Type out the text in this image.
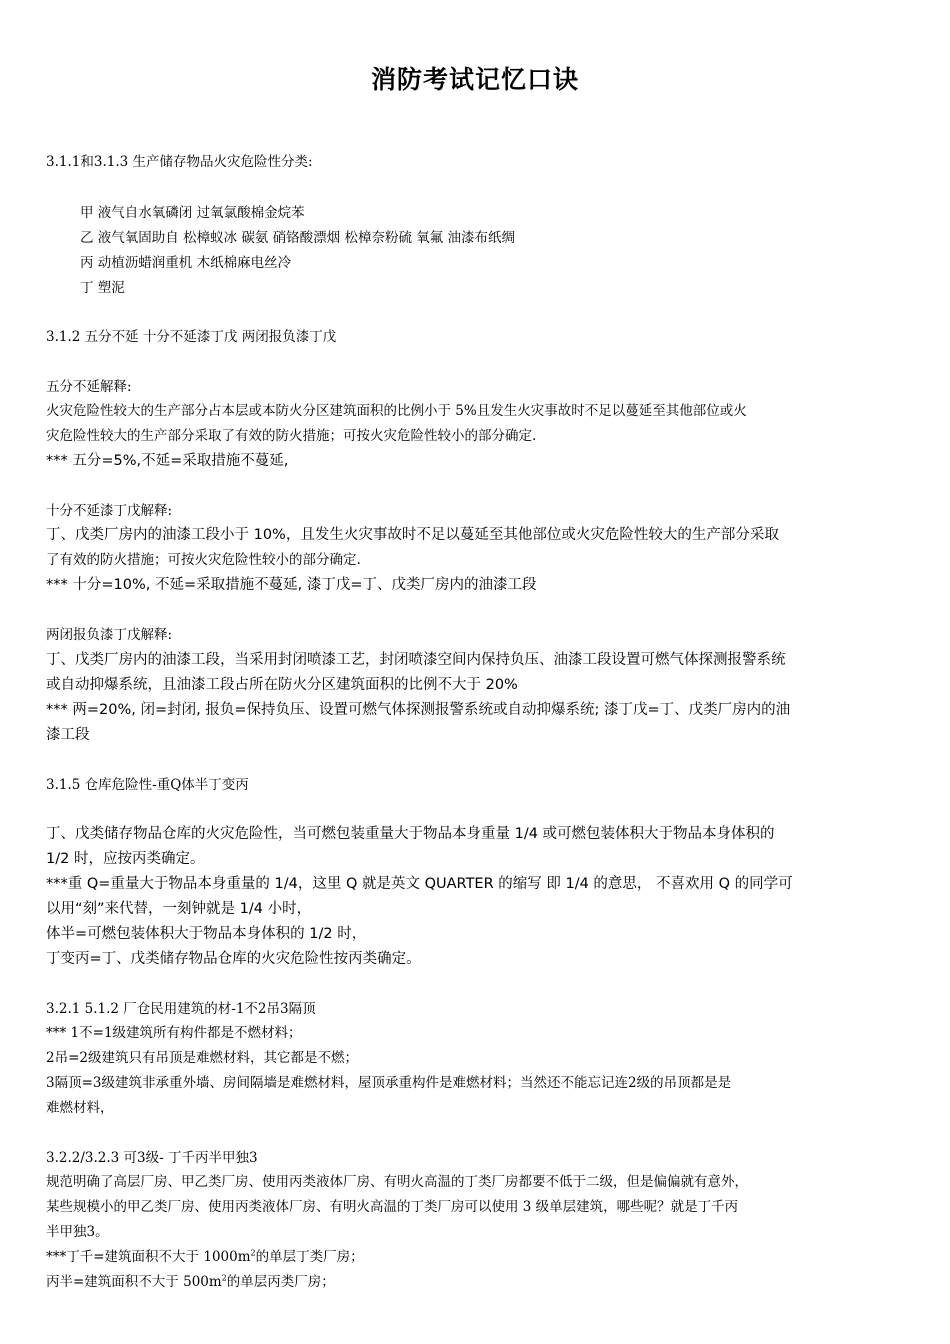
消防考试记忆口诀
3.1.1和3.1.3 生产储存物品火灾危险性分类:
甲 液气自水氧磷闭 过氧氯酸棉金烷苯
乙 液气氧固助自 松樟蚁冰 碳氨 硝铬酸漂烟 松樟奈粉硫 氧氟 油漆布纸绸
丙 动植沥蜡润重机 木纸棉麻电丝冷
丁 塑泥
3.1.2 五分不延 十分不延漆丁戊 两闭报负漆丁戊
五分不延解释:
火灾危险性较大的生产部分占本层或本防火分区建筑面积的比例小于 5%且发生火灾事故时不足以蔓延至其他部位或火
灾危险性较大的生产部分采取了有效的防火措施；可按火灾危险性较小的部分确定.
*** 五分=5%,不延=采取措施不蔓延,
十分不延漆丁戊解释:
丁、戊类厂房内的油漆工段小于 10%，且发生火灾事故时不足以蔓延至其他部位或火灾危险性较大的生产部分采取
了有效的防火措施；可按火灾危险性较小的部分确定.
*** 十分=10%, 不延=采取措施不蔓延, 漆丁戊=丁、戊类厂房内的油漆工段
两闭报负漆丁戊解释:
丁、戊类厂房内的油漆工段，当采用封闭喷漆工艺，封闭喷漆空间内保持负压、油漆工段设置可燃气体探测报警系统
或自动抑爆系统，且油漆工段占所在防火分区建筑面积的比例不大于 20%
*** 两=20%, 闭=封闭, 报负=保持负压、设置可燃气体探测报警系统或自动抑爆系统; 漆丁戊=丁、戊类厂房内的油
漆工段
3.1.5 仓库危险性-重Q体半丁变丙
丁、戊类储存物品仓库的火灾危险性，当可燃包装重量大于物品本身重量 1/4 或可燃包装体积大于物品本身体积的
1/2 时，应按丙类确定。
***重 Q=重量大于物品本身重量的 1/4，这里 Q 就是英文 QUARTER 的缩写 即 1/4 的意思， 不喜欢用 Q 的同学可
以用“刻”来代替，一刻钟就是 1/4 小时，
体半=可燃包装体积大于物品本身体积的 1/2 时，
丁变丙=丁、戊类储存物品仓库的火灾危险性按丙类确定。
3.2.1 5.1.2 厂仓民用建筑的材-1不2吊3隔顶
*** 1不=1级建筑所有构件都是不燃材料；
2吊=2级建筑只有吊顶是难燃材料，其它都是不燃；
3隔顶=3级建筑非承重外墙、房间隔墙是难燃材料，屋顶承重构件是难燃材料；当然还不能忘记连2级的吊顶都是是
难燃材料，
3.2.2/3.2.3 可3级- 丁千丙半甲独3
规范明确了高层厂房、甲乙类厂房、使用丙类液体厂房、有明火高温的丁类厂房都要不低于二级，但是偏偏就有意外，
某些规模小的甲乙类厂房、使用丙类液体厂房、有明火高温的丁类厂房可以使用 3 级单层建筑，哪些呢？就是丁千丙
半甲独3。
***丁千=建筑面积不大于 $1000m^2$的单层丁类厂房；
丙半=建筑面积不大于 $500m^2$的单层丙类厂房；
